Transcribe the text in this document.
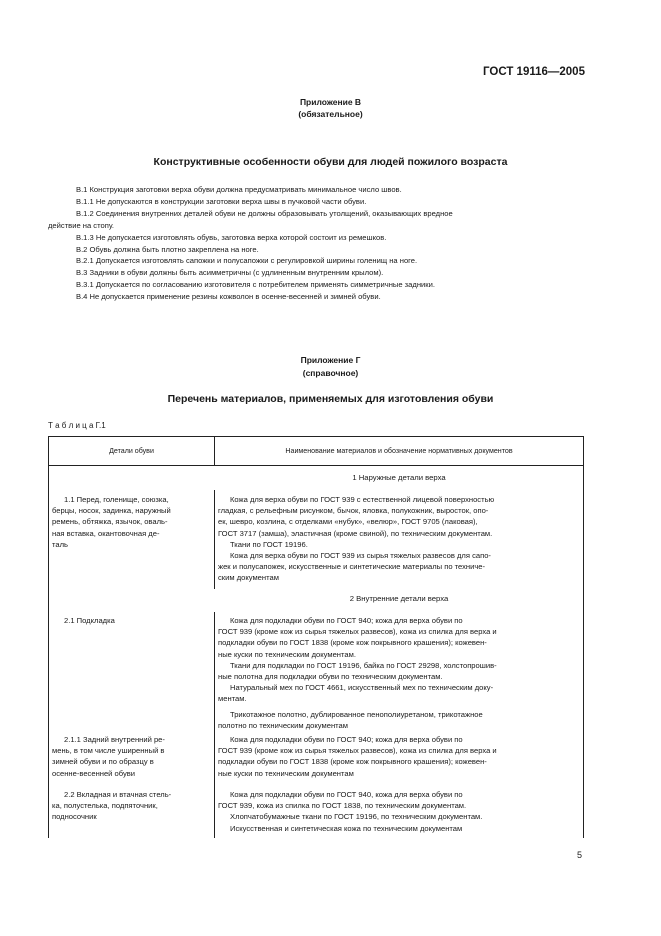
ГОСТ 19116—2005
Приложение В
(обязательное)
Конструктивные особенности обуви для людей пожилого возраста

В.1 Конструкция заготовки верха обуви должна предусматривать минимальное число швов.

В.1.1 Не допускаются в конструкции заготовки верха швы в пучковой части обуви.

В.1.2 Соединения внутренних деталей обуви не должны образовывать утолщений, оказывающих вредное

действие на стопу.

В.1.3 Не допускается изготовлять обувь, заготовка верха которой состоит из ремешков.

В.2 Обувь должна быть плотно закреплена на ноге.

В.2.1 Допускается изготовлять сапожки и полусапожки с регулировкой ширины голенищ на ноге.

В.3 Задники в обуви должны быть асимметричны (с удлиненным внутренним крылом).

В.3.1 Допускается по согласованию изготовителя с потребителем применять симметричные задники.

В.4 Не допускается применение резины кожволон в осенне-весенней и зимней обуви.

Приложение Г
(справочное)
Перечень материалов, применяемых для изготовления обуви
Т а б л и ц а Г.1
Детали обуви	Наименование материалов и обозначение нормативных документов
1 Наружные детали верха
2 Внутренние детали верха

1.1 Перед, голенище, союзка,

берцы, носок, задинка, наружный

ремень, обтяжка, язычок, оваль-

ная вставка, окантовочная де-

таль

Кожа для верха обуви по ГОСТ 939 с естественной лицевой поверхностью

гладкая, с рельефным рисунком, бычок, яловка, полукожник, выросток, опо-

ек, шевро, козлина, с отделками «нубук», «велюр», ГОСТ 9705 (лаковая),

ГОСТ 3717 (замша), эластичная (кроме свиной), по техническим документам.

Ткани по ГОСТ 19196.

Кожа для верха обуви по ГОСТ 939 из сырья тяжелых развесов для сапо-

жек и полусапожек, искусственные и синтетические материалы по техниче-

ским документам

2.1 Подкладка	Кожа для подкладки обуви по ГОСТ 940; кожа для верха обуви по

ГОСТ 939 (кроме кож из сырья тяжелых развесов), кожа из спилка для верха и

подкладки обуви по ГОСТ 1838 (кроме кож покрывного крашения); кожевен-

ные куски по техническим документам.

Ткани для подкладки по ГОСТ 19196, байка по ГОСТ 29298, холстопрошив-

ные полотна для подкладки обуви по техническим документам.

Натуральный мех по ГОСТ 4661, искусственный мех по техническим доку-

ментам.

Трикотажное полотно, дублированное пенополиуретаном, трикотажное

полотно по техническим документам

2.1.1 Задний внутренний ре-

мень, в том числе уширенный в

зимней обуви и по образцу в

осенне-весенней обуви

Кожа для подкладки обуви по ГОСТ 940; кожа для верха обуви по

ГОСТ 939 (кроме кож из сырья тяжелых развесов), кожа из спилка для верха и

подкладки обуви по ГОСТ 1838 (кроме кож покрывного крашения); кожевен-

ные куски по техническим документам

2.2 Вкладная и втачная стель-

ка, полустелька, подпяточник,

подносочник

Кожа для подкладки обуви по ГОСТ 940, кожа для верха обуви по

ГОСТ 939, кожа из спилка по ГОСТ 1838, по техническим документам.

Хлопчатобумажные ткани по ГОСТ 19196, по техническим документам.

Искусственная и синтетическая кожа по техническим документам

5
